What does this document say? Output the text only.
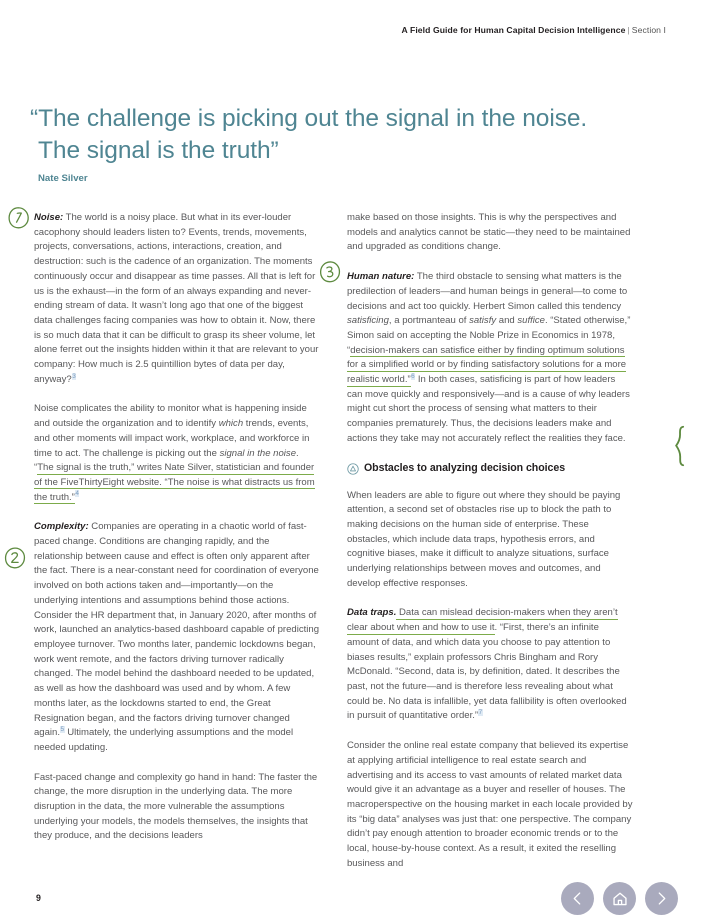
A Field Guide for Human Capital Decision Intelligence | Section I
“The challenge is picking out the signal in the noise.
The signal is the truth”
Nate Silver

Noise: The world is a noisy place. But what in its ever-louder cacophony should leaders listen to? Events, trends, movements, projects, conversations, actions, interactions, creation, and destruction: such is the cadence of an organization. The moments continuously occur and disappear as time passes. All that is left for us is the exhaust—in the form of an always expanding and never-ending stream of data. It wasn’t long ago that one of the biggest data challenges facing companies was how to obtain it. Now, there is so much data that it can be difficult to grasp its sheer volume, let alone ferret out the insights hidden within it that are relevant to your company: How much is 2.5 quintillion bytes of data per day, anyway?$^3$

Noise complicates the ability to monitor what is happening inside and outside the organization and to identify which trends, events, and other moments will impact work, workplace, and workforce in time to act. The challenge is picking out the signal in the noise. “The signal is the truth,” writes Nate Silver, statistician and founder of the FiveThirtyEight website. “The noise is what distracts us from the truth.”$^4$

Complexity: Companies are operating in a chaotic world of fast-paced change. Conditions are changing rapidly, and the relationship between cause and effect is often only apparent after the fact. There is a near-constant need for coordination of everyone involved on both actions taken and—importantly—on the underlying intentions and assumptions behind those actions. Consider the HR department that, in January 2020, after months of work, launched an analytics-based dashboard capable of predicting employee turnover. Two months later, pandemic lockdowns began, work went remote, and the factors driving turnover radically changed. The model behind the dashboard needed to be updated, as well as how the dashboard was used and by whom. A few months later, as the lockdowns started to end, the Great Resignation began, and the factors driving turnover changed again.$^5$ Ultimately, the underlying assumptions and the model needed updating.

Fast-paced change and complexity go hand in hand: The faster the change, the more disruption in the underlying data. The more disruption in the data, the more vulnerable the assumptions underlying your models, the models themselves, the insights that they produce, and the decisions leaders

make based on those insights. This is why the perspectives and models and analytics cannot be static—they need to be maintained and upgraded as conditions change.

Human nature: The third obstacle to sensing what matters is the predilection of leaders—and human beings in general—to come to decisions and act too quickly. Herbert Simon called this tendency satisficing, a portmanteau of satisfy and suffice. “Stated otherwise,” Simon said on accepting the Noble Prize in Economics in 1978, “decision-makers can satisfice either by finding optimum solutions for a simplified world or by finding satisfactory solutions for a more realistic world.”$^6$ In both cases, satisficing is part of how leaders can move quickly and responsively—and is a cause of why leaders might cut short the process of sensing what matters to their companies prematurely. Thus, the decisions leaders make and actions they take may not accurately reflect the realities they face.

Obstacles to analyzing decision choices

When leaders are able to figure out where they should be paying attention, a second set of obstacles rise up to block the path to making decisions on the human side of enterprise. These obstacles, which include data traps, hypothesis errors, and cognitive biases, make it difficult to analyze situations, surface underlying relationships between moves and outcomes, and develop effective responses.

Data traps. Data can mislead decision-makers when they aren’t clear about when and how to use it. “First, there’s an infinite amount of data, and which data you choose to pay attention to biases results,” explain professors Chris Bingham and Rory McDonald. “Second, data is, by definition, dated. It describes the past, not the future—and is therefore less revealing about what could be. No data is infallible, yet data fallibility is often overlooked in pursuit of quantitative order.”$^7$

Consider the online real estate company that believed its expertise at applying artificial intelligence to real estate search and advertising and its access to vast amounts of related market data would give it an advantage as a buyer and reseller of houses. The macroperspective on the housing market in each locale provided by its “big data” analyses was just that: one perspective. The company didn’t pay enough attention to broader economic trends or to the local, house-by-house context. As a result, it exited the reselling business and

9
